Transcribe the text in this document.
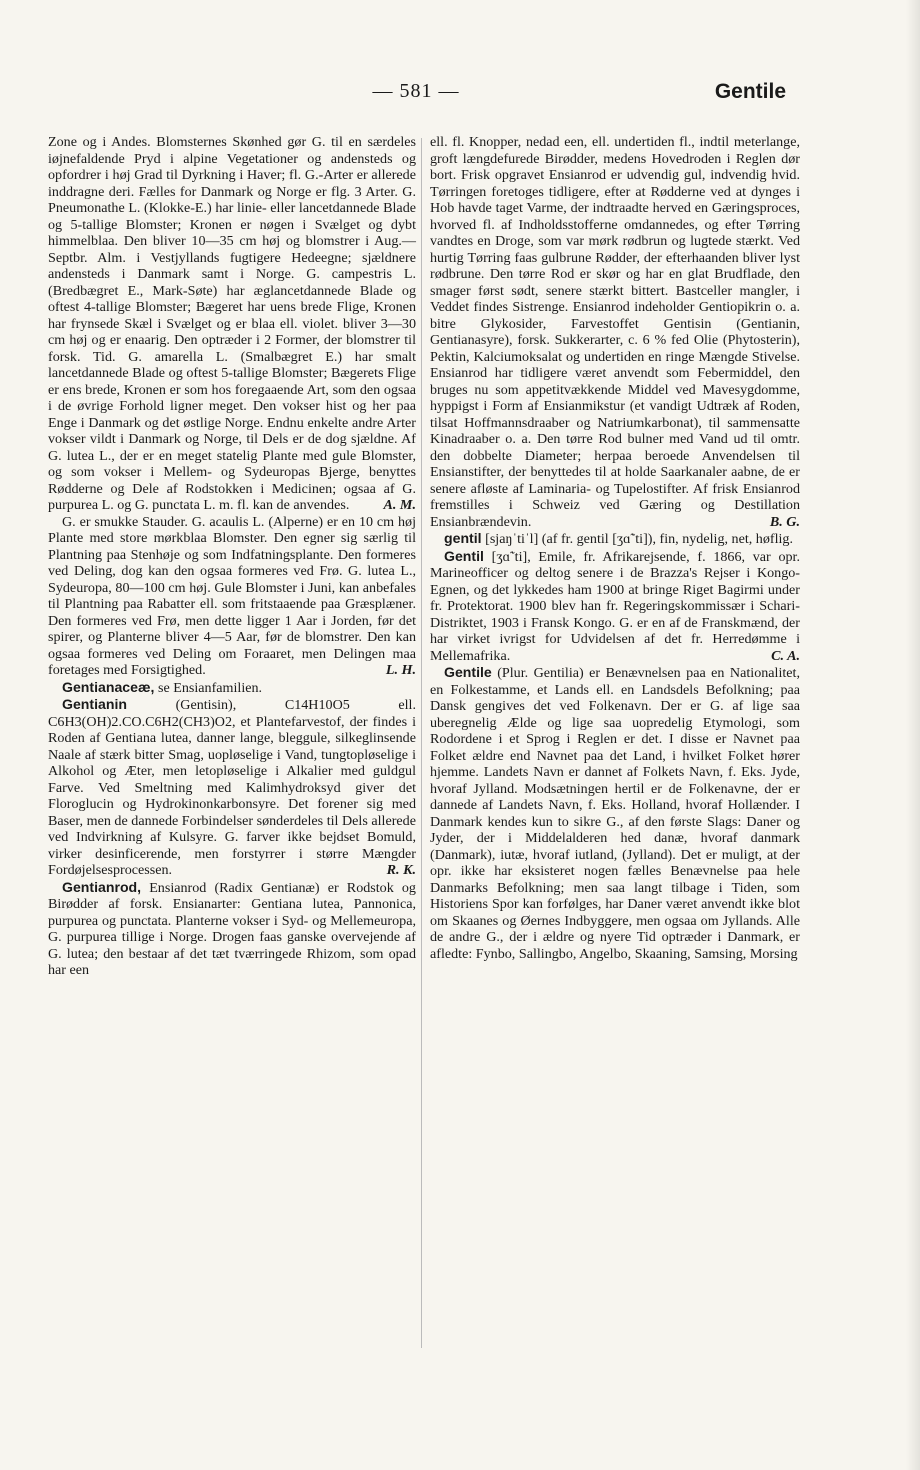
— 581 —	Gentile

Zone og i Andes. Blomsternes Skønhed gør G. til en særdeles iøjnefaldende Pryd i alpine Vegetationer og andensteds og opfordrer i høj Grad til Dyrkning i Haver; fl. G.-Arter er allerede inddragne deri. Fælles for Danmark og Norge er flg. 3 Arter. G. Pneumonathe L. (Klokke-E.) har linie- eller lancetdannede Blade og 5-tallige Blomster; Kronen er nøgen i Svælget og dybt himmelblaa. Den bliver 10—35 cm høj og blomstrer i Aug.—Septbr. Alm. i Vestjyllands fugtigere Hedeegne; sjældnere andensteds i Danmark samt i Norge. G. campestris L. (Bredbægret E., Mark-Søte) har æglancetdannede Blade og oftest 4-tallige Blomster; Bægeret har uens brede Flige, Kronen har frynsede Skæl i Svælget og er blaa ell. violet. bliver 3—30 cm høj og er enaarig. Den optræder i 2 Former, der blomstrer til forsk. Tid. G. amarella L. (Smalbægret E.) har smalt lancetdannede Blade og oftest 5-tallige Blomster; Bægerets Flige er ens brede, Kronen er som hos foregaaende Art, som den ogsaa i de øvrige Forhold ligner meget. Den vokser hist og her paa Enge i Danmark og det østlige Norge. Endnu enkelte andre Arter vokser vildt i Danmark og Norge, til Dels er de dog sjældne. Af G. lutea L., der er en meget statelig Plante med gule Blomster, og som vokser i Mellem- og Sydeuropas Bjerge, benyttes Rødderne og Dele af Rodstokken i Medicinen; ogsaa af G. purpurea L. og G. punctata L. m. fl. kan de anvendes. A. M.

G. er smukke Stauder. G. acaulis L. (Alperne) er en 10 cm høj Plante med store mørkblaa Blomster. Den egner sig særlig til Plantning paa Stenhøje og som Indfatningsplante. Den formeres ved Deling, dog kan den ogsaa formeres ved Frø. G. lutea L., Sydeuropa, 80—100 cm høj. Gule Blomster i Juni, kan anbefales til Plantning paa Rabatter ell. som fritstaaende paa Græsplæner. Den formeres ved Frø, men dette ligger 1 Aar i Jorden, før det spirer, og Planterne bliver 4—5 Aar, før de blomstrer. Den kan ogsaa formeres ved Deling om Foraaret, men Delingen maa foretages med Forsigtighed.	L. H.

Gentianaceæ, se Ensianfamilien.

Gentianin	(Gentisin), C14H10O5 ell. C6H3(OH)2.CO.C6H2(CH3)O2, et Plantefarvestof, der findes i Roden af Gentiana lutea, danner lange, bleggule, silkeglinsende Naale af stærk bitter Smag, uopløselige i Vand, tungtopløselige i Alkohol og Æter, men letopløselige i Alkalier med guldgul Farve. Ved Smeltning med Kalimhydroksyd giver det Floroglucin og Hydrokinonkarbonsyre. Det forener sig med Baser, men de dannede Forbindelser sønderdeles til Dels allerede ved Indvirkning af Kulsyre. G. farver ikke bejdset Bomuld, virker desinficerende, men forstyrrer i større Mængder Fordøjelsesprocessen.	R. K.

Gentianrod, Ensianrod (Radix Gentianæ) er Rodstok og Birødder af forsk. Ensianarter: Gentiana lutea, Pannonica, purpurea og punctata. Planterne vokser i Syd- og Mellemeuropa, G. purpurea tillige i Norge. Drogen faas ganske overvejende af G. lutea; den bestaar af det tæt tværringede Rhizom, som opad har een

ell. fl. Knopper, nedad een, ell. undertiden fl., indtil meterlange, groft længdefurede Birødder, medens Hovedroden i Reglen dør bort. Frisk opgravet Ensianrod er udvendig gul, indvendig hvid. Tørringen foretoges tidligere, efter at Rødderne ved at dynges i Hob havde taget Varme, der indtraadte herved en Gæringsproces, hvorved fl. af Indholdsstofferne omdannedes, og efter Tørring vandtes en Droge, som var mørk rødbrun og lugtede stærkt. Ved hurtig Tørring faas gulbrune Rødder, der efterhaanden bliver lyst rødbrune. Den tørre Rod er skør og har en glat Brudflade, den smager først sødt, senere stærkt bittert. Bastceller mangler, i Veddet findes Sistrenge. Ensianrod indeholder Gentiopikrin o. a. bitre Glykosider, Farvestoffet Gentisin (Gentianin, Gentianasyre), forsk. Sukkerarter, c. 6 % fed Olie (Phytosterin), Pektin, Kalciumoksalat og undertiden en ringe Mængde Stivelse. Ensianrod har tidligere været anvendt som Febermiddel, den bruges nu som appetitvækkende Middel ved Mavesygdomme, hyppigst i Form af Ensianmikstur (et vandigt Udtræk af Roden, tilsat Hoffmannsdraaber og Natriumkarbonat), til sammensatte Kinadraaber o. a. Den tørre Rod bulner med Vand ud til omtr. den dobbelte Diameter; herpaa beroede Anvendelsen til Ensianstifter, der benyttedes til at holde Saarkanaler aabne, de er senere afløste af Laminaria- og Tupelostifter. Af frisk Ensianrod fremstilles i Schweiz ved Gæring og Destillation Ensianbrændevin.	B. G.

gentil [sjaŋˈtiˈl] (af fr. gentil [ʒɑ̃ˈti]), fin, nydelig, net, høflig.

Gentil [ʒɑ̃ˈti], Emile, fr. Afrikarejsende, f. 1866, var opr. Marineofficer og deltog senere i de Brazza's Rejser i Kongo-Egnen, og det lykkedes ham 1900 at bringe Riget Bagirmi under fr. Protektorat. 1900 blev han fr. Regeringskommissær i Schari-Distriktet, 1903 i Fransk Kongo. G. er en af de Franskmænd, der har virket ivrigst for Udvidelsen af det fr. Herredømme i Mellemafrika.	C. A.

Gentile (Plur. Gentilia) er Benævnelsen paa en Nationalitet, en Folkestamme, et Lands ell. en Landsdels Befolkning; paa Dansk gengives det ved Folkenavn. Der er G. af lige saa uberegnelig Ælde og lige saa uopredelig Etymologi, som Rodordene i et Sprog i Reglen er det. I disse er Navnet paa Folket ældre end Navnet paa det Land, i hvilket Folket hører hjemme. Landets Navn er dannet af Folkets Navn, f. Eks. Jyde, hvoraf Jylland. Modsætningen hertil er de Folkenavne, der er dannede af Landets Navn, f. Eks. Holland, hvoraf Hollænder. I Danmark kendes kun to sikre G., af den første Slags: Daner og Jyder, der i Middelalderen hed danæ, hvoraf danmark (Danmark), iutæ, hvoraf iutland, (Jylland). Det er muligt, at der opr. ikke har eksisteret nogen fælles Benævnelse paa hele Danmarks Befolkning; men saa langt tilbage i Tiden, som Historiens Spor kan forfølges, har Daner været anvendt ikke blot om Skaanes og Øernes Indbyggere, men ogsaa om Jyllands. Alle de andre G., der i ældre og nyere Tid optræder i Danmark, er afledte: Fynbo, Sallingbo, Angelbo, Skaaning, Samsing, Morsing
